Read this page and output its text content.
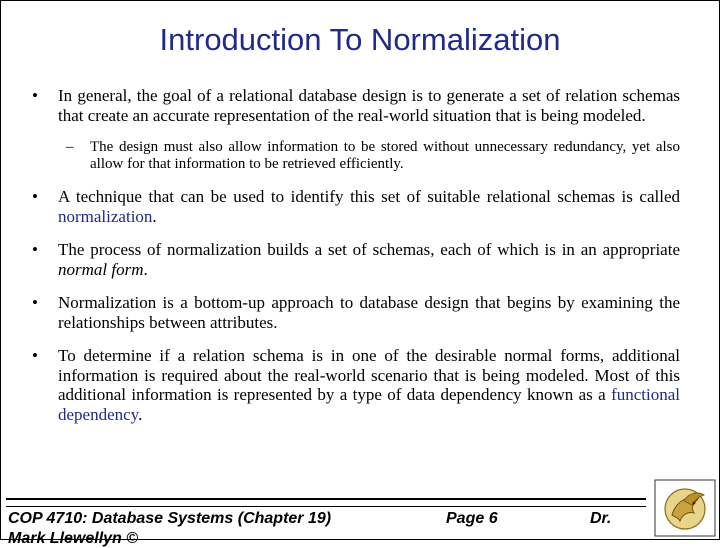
Introduction To Normalization
• In general, the goal of a relational database design is to generate a set of relation schemas that create an accurate representation of the real-world situation that is being modeled.
– The design must also allow information to be stored without unnecessary redundancy, yet also allow for that information to be retrieved efficiently.
• A technique that can be used to identify this set of suitable relational schemas is called normalization.
• The process of normalization builds a set of schemas, each of which is in an appropriate normal form.
• Normalization is a bottom-up approach to database design that begins by examining the relationships between attributes.
• To determine if a relation schema is in one of the desirable normal forms, additional information is required about the real-world scenario that is being modeled. Most of this additional information is represented by a type of data dependency known as a functional dependency.
COP 4710: Database Systems (Chapter 19)	Page 6	Dr.
Mark Llewellyn ©
